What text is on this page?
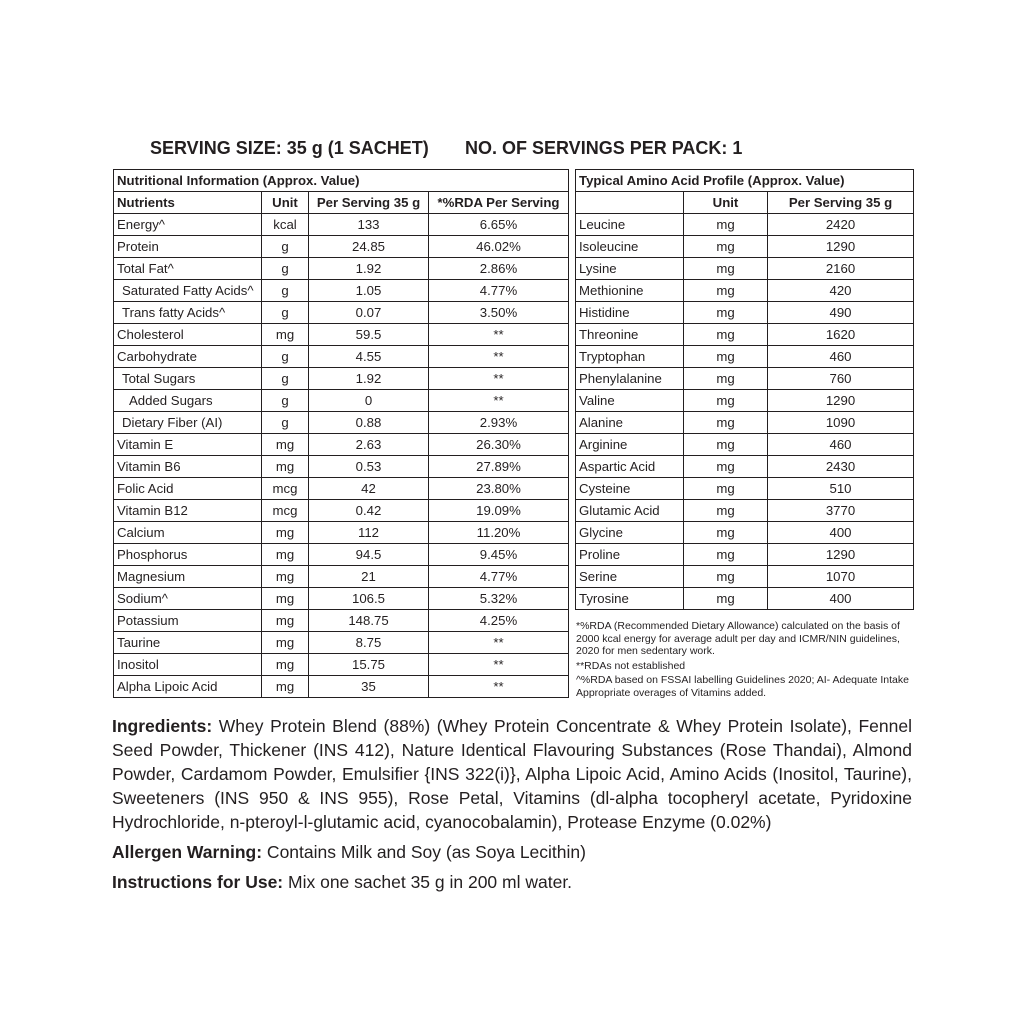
SERVING SIZE: 35 g (1 SACHET) NO. OF SERVINGS PER PACK: 1
Nutritional Information (Approx. Value)			
Nutrients	Unit	Per Serving 35 g	*%RDA Per Serving
Energy^	kcal	133	6.65%
Protein	g	24.85	46.02%
Total Fat^	g	1.92	2.86%
Saturated Fatty Acids^	g	1.05	4.77%
Trans fatty Acids^	g	0.07	3.50%
Cholesterol	mg	59.5	**
Carbohydrate	g	4.55	**
Total Sugars	g	1.92	**
Added Sugars	g	0	**
Dietary Fiber (AI)	g	0.88	2.93%
Vitamin E	mg	2.63	26.30%
Vitamin B6	mg	0.53	27.89%
Folic Acid	mcg	42	23.80%
Vitamin B12	mcg	0.42	19.09%
Calcium	mg	112	11.20%
Phosphorus	mg	94.5	9.45%
Magnesium	mg	21	4.77%
Sodium^	mg	106.5	5.32%
Potassium	mg	148.75	4.25%
Taurine	mg	8.75	**
Inositol	mg	15.75	**
Alpha Lipoic Acid	mg	35	**
Typical Amino Acid Profile (Approx. Value)		
	Unit	Per Serving 35 g
Leucine	mg	2420
Isoleucine	mg	1290
Lysine	mg	2160
Methionine	mg	420
Histidine	mg	490
Threonine	mg	1620
Tryptophan	mg	460
Phenylalanine	mg	760
Valine	mg	1290
Alanine	mg	1090
Arginine	mg	460
Aspartic Acid	mg	2430
Cysteine	mg	510
Glutamic Acid	mg	3770
Glycine	mg	400
Proline	mg	1290
Serine	mg	1070
Tyrosine	mg	400
*%RDA (Recommended Dietary Allowance) calculated on the basis of 2000 kcal energy for average adult per day and ICMR/NIN guidelines, 2020 for men sedentary work.
**RDAs not established
^%RDA based on FSSAI labelling Guidelines 2020; AI- Adequate Intake
Appropriate overages of Vitamins added.
Ingredients: Whey Protein Blend (88%) (Whey Protein Concentrate & Whey Protein Isolate), Fennel Seed Powder, Thickener (INS 412), Nature Identical Flavouring Substances (Rose Thandai), Almond Powder, Cardamom Powder, Emulsifier {INS 322(i)}, Alpha Lipoic Acid, Amino Acids (Inositol, Taurine), Sweeteners (INS 950 & INS 955), Rose Petal, Vitamins (dl-alpha tocopheryl acetate, Pyridoxine Hydrochloride, n-pteroyl-l-glutamic acid, cyanocobalamin), Protease Enzyme (0.02%)
Allergen Warning: Contains Milk and Soy (as Soya Lecithin)
Instructions for Use: Mix one sachet 35 g in 200 ml water.
